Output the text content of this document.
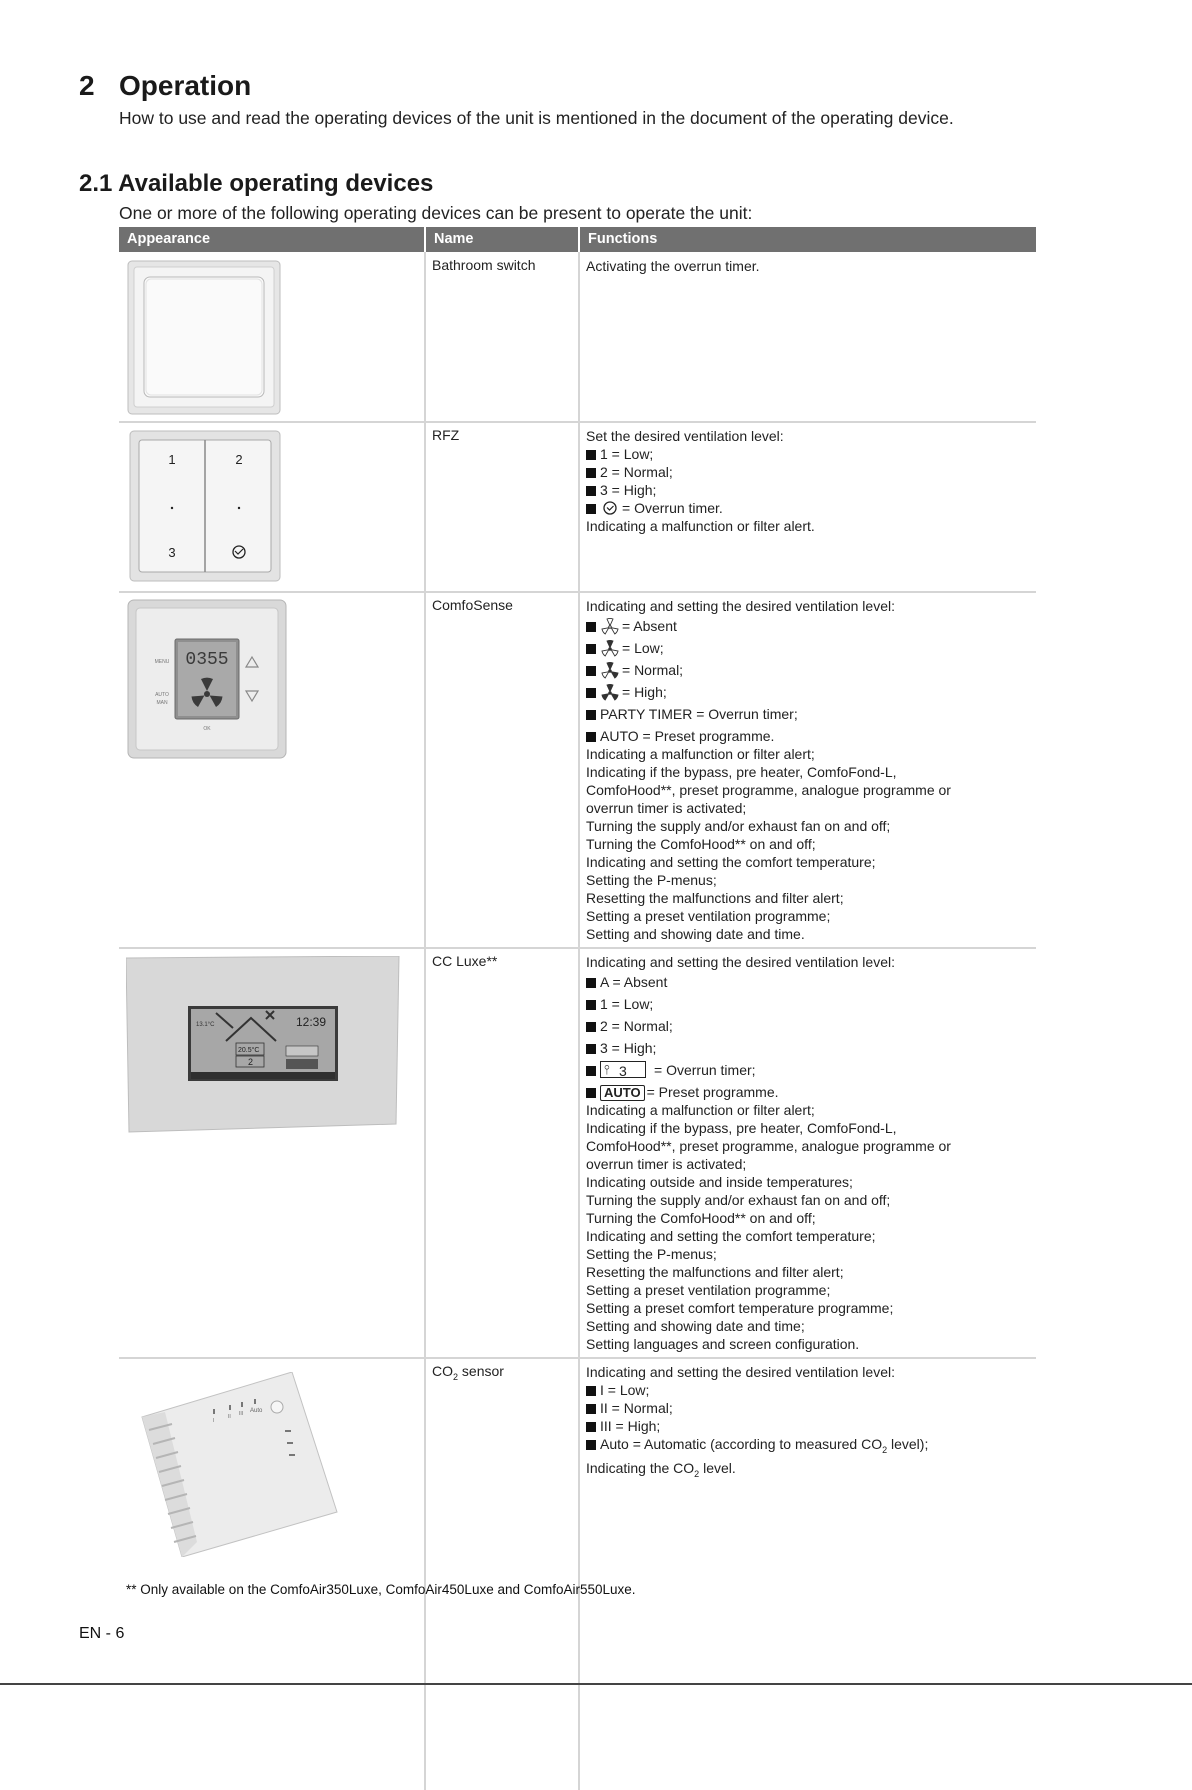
2 Operation

How to use and read the operating devices of the unit is mentioned in the document of the operating device.

2.1 Available operating devices

One or more of the following operating devices can be present to operate the unit:

Appearance	Name	Functions
Bathroom switch	Activating the overrun timer.
1	2
3
RFZ	Set the desired ventilation level:
1 = Low;
2 = Normal;
3 = High;
= Overrun timer.
Indicating a malfunction or filter alert.
0355
MENU
AUTO
MAN
OK
ComfoSense	Indicating and setting the desired ventilation level:
= Absent
= Low;
= Normal;
= High;
PARTY TIMER = Overrun timer;
AUTO = Preset programme.
Indicating a malfunction or filter alert;
Indicating if the bypass, pre heater, ComfoFond-L,
ComfoHood**, preset programme, analogue programme or
overrun timer is activated;
Turning the supply and/or exhaust fan on and off;
Turning the ComfoHood** on and off;
Indicating and setting the comfort temperature;
Setting the P-menus;
Resetting the malfunctions and filter alert;
Setting a preset ventilation programme;
Setting and showing date and time.
12:39
13.1°C
20.5°C
2
CC Luxe**	Indicating and setting the desired ventilation level:
A = Absent
1 = Low;
2 = Normal;
3 = High;
⫯ 3 = Overrun timer;
AUTO = Preset programme.
Indicating a malfunction or filter alert;
Indicating if the bypass, pre heater, ComfoFond-L,
ComfoHood**, preset programme, analogue programme or
overrun timer is activated;
Indicating outside and inside temperatures;
Turning the supply and/or exhaust fan on and off;
Turning the ComfoHood** on and off;
Indicating and setting the comfort temperature;
Setting the P-menus;
Resetting the malfunctions and filter alert;
Setting a preset ventilation programme;
Setting a preset comfort temperature programme;
Setting and showing date and time;
Setting languages and screen configuration.
I
II III Auto
$CO_2$ sensor	Indicating and setting the desired ventilation level:
I = Low;
II = Normal;
III = High;
Auto = Automatic (according to measured $CO_2$ level);
Indicating the $CO_2$ level.
** Only available on the ComfoAir350Luxe, ComfoAir450Luxe and ComfoAir550Luxe.
EN - 6
